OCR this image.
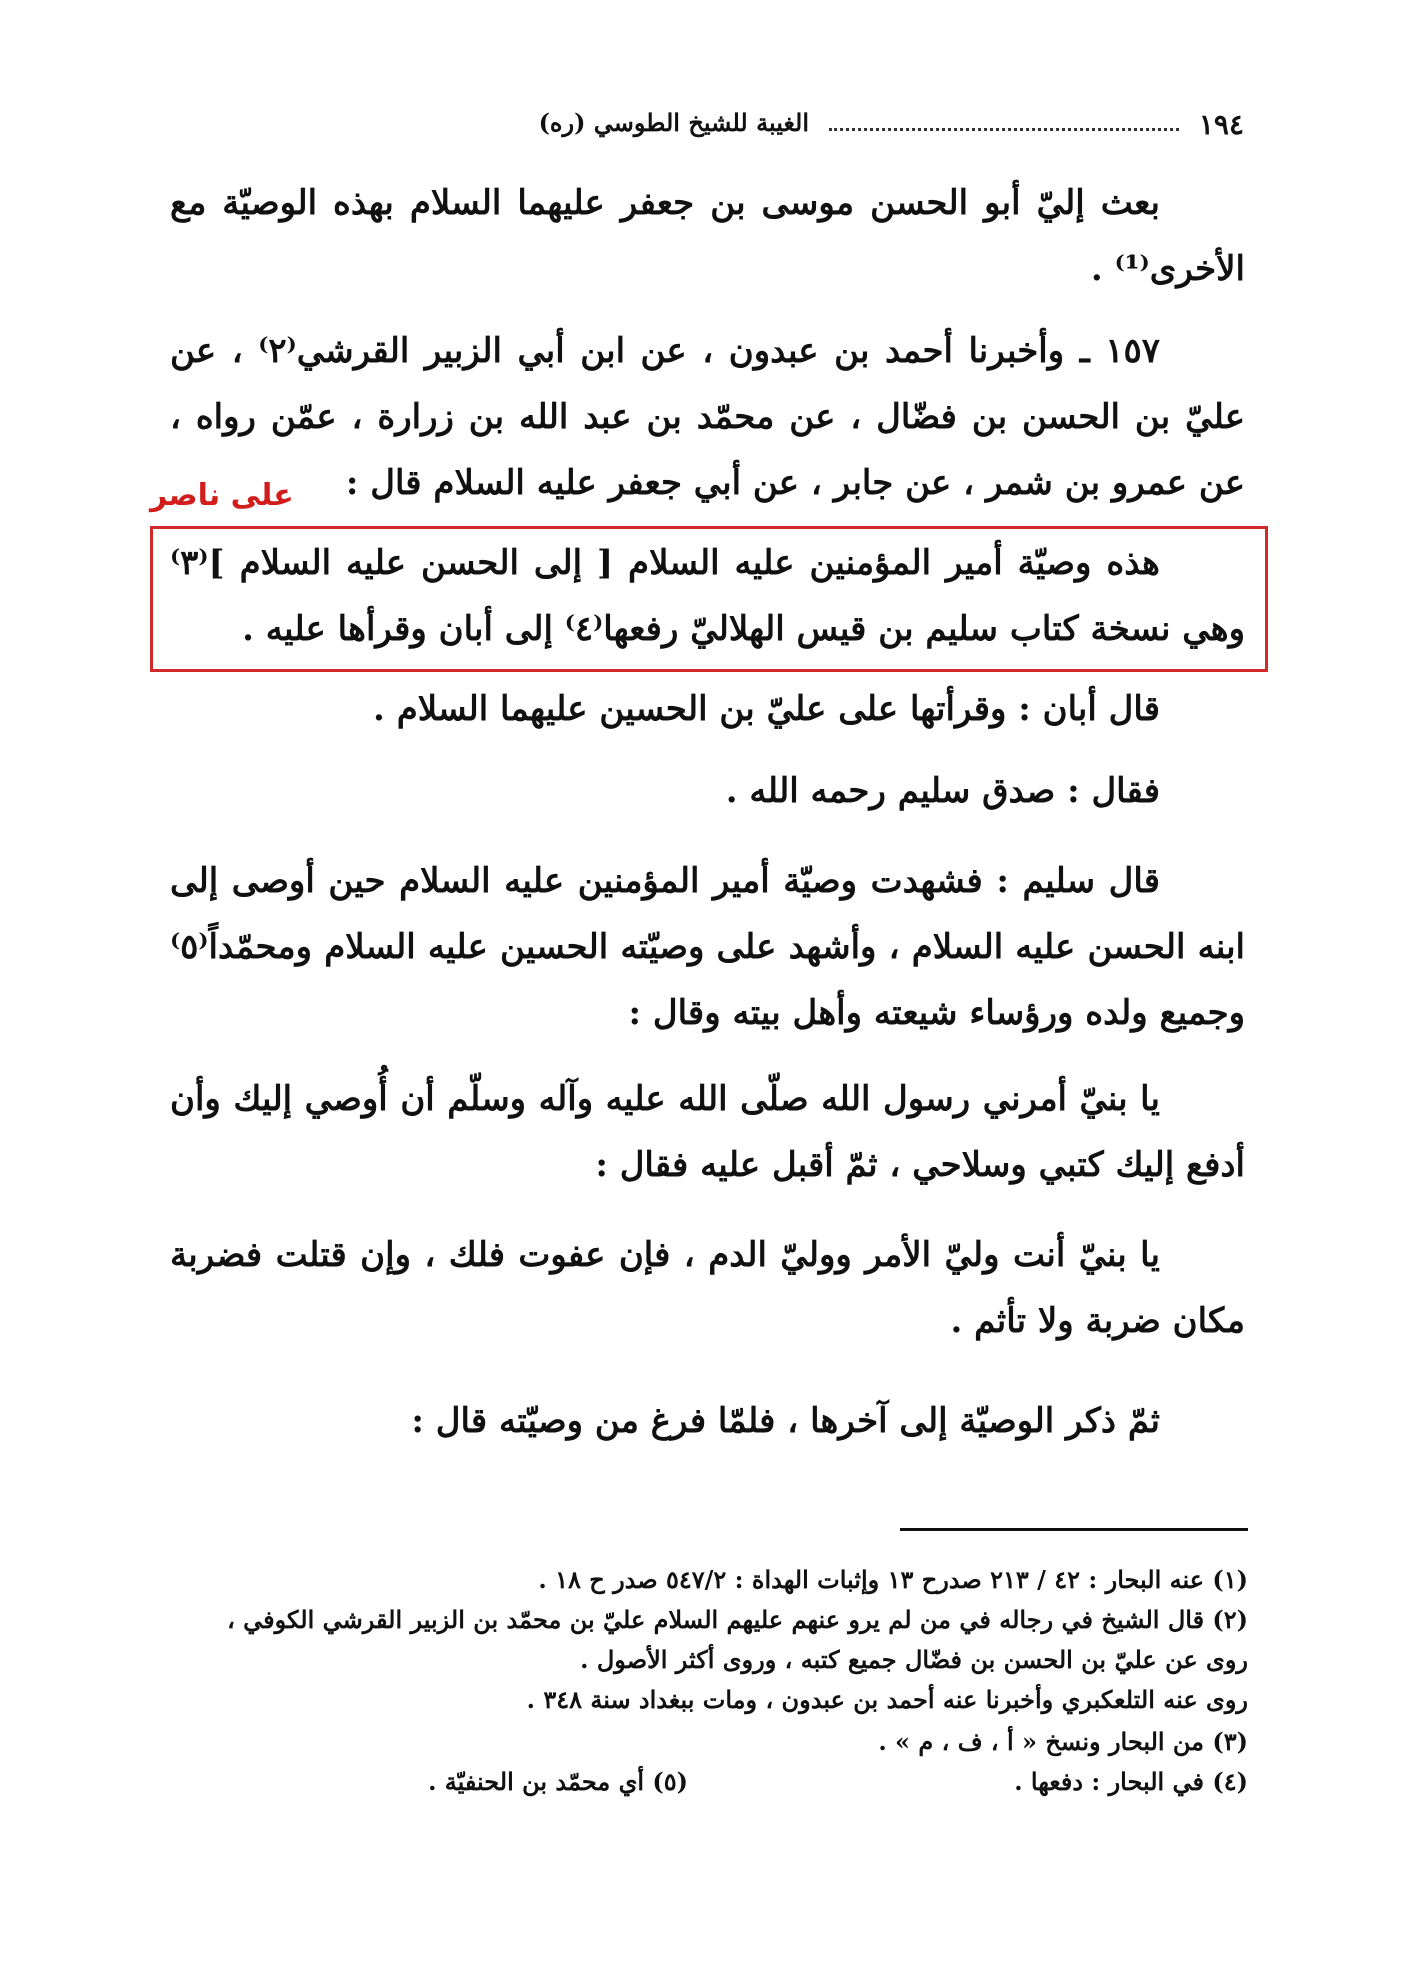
١٩٤
الغيبة للشيخ الطوسي (ره)
بعث إليّ أبو الحسن موسى بن جعفر عليهما السلام بهذه الوصيّة مع الأخرى⁽¹⁾ .
١٥٧ ـ وأخبرنا أحمد بن عبدون ، عن ابن أبي الزبير القرشي⁽٢⁾ ، عن عليّ بن الحسن بن فضّال ، عن محمّد بن عبد الله بن زرارة ، عمّن رواه ، عن عمرو بن شمر ، عن جابر ، عن أبي جعفر عليه السلام قال :
على ناصر
هذه وصيّة أمير المؤمنين عليه السلام [ إلى الحسن عليه السلام ]⁽٣⁾ وهي نسخة كتاب سليم بن قيس الهلاليّ رفعها⁽٤⁾ إلى أبان وقرأها عليه .
قال أبان : وقرأتها على عليّ بن الحسين عليهما السلام .
فقال : صدق سليم رحمه الله .
قال سليم : فشهدت وصيّة أمير المؤمنين عليه السلام حين أوصى إلى ابنه الحسن عليه السلام ، وأشهد على وصيّته الحسين عليه السلام ومحمّداً⁽٥⁾ وجميع ولده ورؤساء شيعته وأهل بيته وقال :
يا بنيّ أمرني رسول الله صلّى الله عليه وآله وسلّم أن أُوصي إليك وأن أدفع إليك كتبي وسلاحي ، ثمّ أقبل عليه فقال :
يا بنيّ أنت وليّ الأمر ووليّ الدم ، فإن عفوت فلك ، وإن قتلت فضربة مكان ضربة ولا تأثم .
ثمّ ذكر الوصيّة إلى آخرها ، فلمّا فرغ من وصيّته قال :
(١) عنه البحار : ٤٢ / ٢١٣ صدرح ١٣ وإثبات الهداة : ٥٤٧/٢ صدر ح ١٨ .
(٢) قال الشيخ في رجاله في من لم يرو عنهم عليهم السلام عليّ بن محمّد بن الزبير القرشي الكوفي ،
روى عن عليّ بن الحسن بن فضّال جميع كتبه ، وروى أكثر الأصول .
روى عنه التلعكبري وأخبرنا عنه أحمد بن عبدون ، ومات ببغداد سنة ٣٤٨ .
(٣) من البحار ونسخ « أ ، ف ، م » .
(٤) في البحار : دفعها .
(٥) أي محمّد بن الحنفيّة .
